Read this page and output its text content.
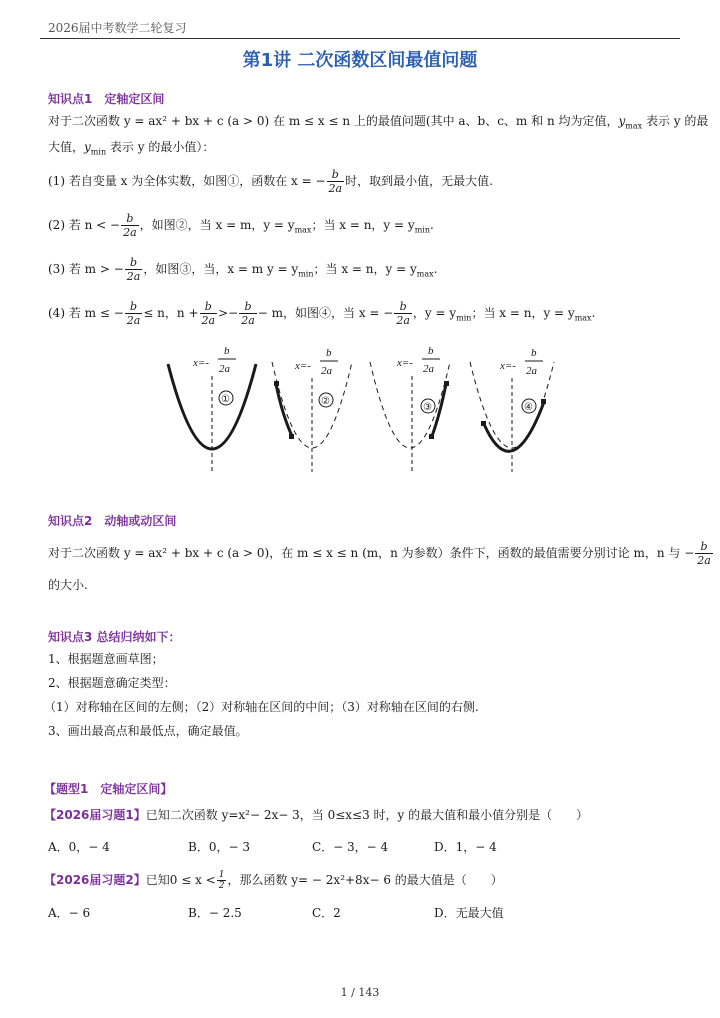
2026届中考数学二轮复习
第1讲 二次函数区间最值问题
知识点1　定轴定区间
对于二次函数 y = ax² + bx + c (a > 0) 在 m ≤ x ≤ n 上的最值问题(其中 a、b、c、m 和 n 均为定值，$y_{max}$ 表示 y 的最
大值，$y_{min}$ 表示 y 的最小值）：
(1) 若自变量 x 为全体实数，如图①，函数在 x = − $\frac{b}{2a}$ 时，取到最小值，无最大值.
(2) 若 n < − $\frac{b}{2a}$ ，如图②，当 x = m，$y = y_{max}$；当 x = n，$y = y_{min}$.
(3) 若 m > − $\frac{b}{2a}$ ，如图③，当，x = m $y = y_{min}$；当 x = n，$y = y_{max}$.
(4) 若 m ≤ − $\frac{b}{2a} \le n$，$n + \frac{b}{2a} >- \frac{b}{2a} - m$，如图④，当 x = − $\frac{b}{2a}$ ，$y = y_{min}$；当 x = n，$y = y_{max}$.
x=-
b
2a
①
x=-
b
2a
②
x=-
b
2a
③
x=-
b
2a
④
知识点2　动轴或动区间
对于二次函数 y = ax² + bx + c (a > 0)，在 m ≤ x ≤ n (m，n 为参数）条件下，函数的最值需要分别讨论 m，n 与 − $\frac{b}{2a}$
的大小.
知识点3 总结归纳如下：
1、根据题意画草图；
2、根据题意确定类型：
（1）对称轴在区间的左侧；（2）对称轴在区间的中间；（3）对称轴在区间的右侧.
3、画出最高点和最低点，确定最值。
【题型1　定轴定区间】
【2026届习题1】已知二次函数 y=x²− 2x− 3，当 0≤x≤3 时，y 的最大值和最小值分别是（　　）
A．0，− 4	B．0，− 3	C．− 3，− 4	D．1，− 4
【2026届习题2】已知$0 \le x < \frac{1}{2}$ ，那么函数 y= − 2x²+8x− 6 的最大值是（　　）
A．− 6	B．− 2.5	C．2	D．无最大值
1 / 143
